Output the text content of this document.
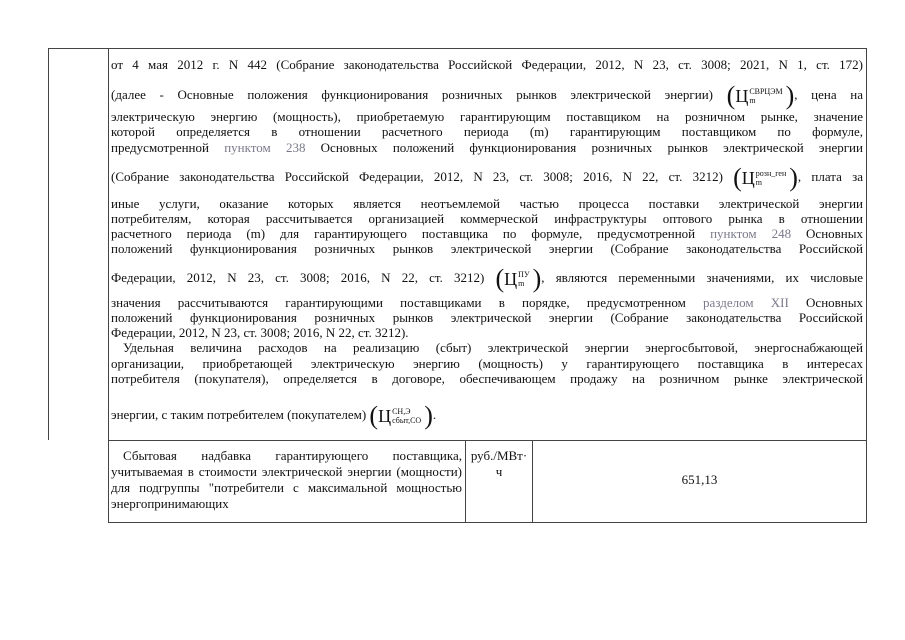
от 4 мая 2012 г. N 442 (Собрание законодательства Российской Федерации, 2012, N 23, ст. 3008; 2021, N 1, ст. 172)
(далее - Основные положения функционирования розничных рынков электрической энергии) (Ц СВРЦЭМ
m	), цена на
электрическую энергию (мощность), приобретаемую гарантирующим поставщиком на розничном рынке, значение
которой определяется в отношении расчетного периода (m) гарантирующим поставщиком по формуле,
предусмотренной пунктом 238 Основных положений функционирования розничных рынков электрической энергии
(Собрание законодательства Российской Федерации, 2012, N 23, ст. 3008; 2016, N 22, ст. 3212) (Ц розн_ген
m	), плата за
иные услуги, оказание которых является неотъемлемой частью процесса поставки электрической энергии
потребителям, которая рассчитывается организацией коммерческой инфраструктуры оптового рынка в отношении
расчетного периода (m) для гарантирующего поставщика по формуле, предусмотренной пунктом 248 Основных
положений функционирования розничных рынков электрической энергии (Собрание законодательства Российской
Федерации, 2012, N 23, ст. 3008; 2016, N 22, ст. 3212) (Ц ПУ
m ), являются переменными значениями, их числовые
значения рассчитываются гарантирующими поставщиками в порядке, предусмотренном разделом XII Основных
положений функционирования розничных рынков электрической энергии (Собрание законодательства Российской
Федерации, 2012, N 23, ст. 3008; 2016, N 22, ст. 3212).
Удельная величина расходов на реализацию (сбыт) электрической энергии энергосбытовой, энергоснабжающей
организации, приобретающей электрическую энергию (мощность) у гарантирующего поставщика в интересах
потребителя (покупателя), определяется в договоре, обеспечивающем продажу на розничном рынке электрической
энергии, с таким потребителем (покупателем) (Ц СН,Э
сбыт,СО ).
Сбытовая надбавка гарантирующего поставщика, учитываемая в стоимости электрической энергии (мощности) для подгруппы "потребители с максимальной мощностью энергопринимающих
руб./МВт·ч
651,13
